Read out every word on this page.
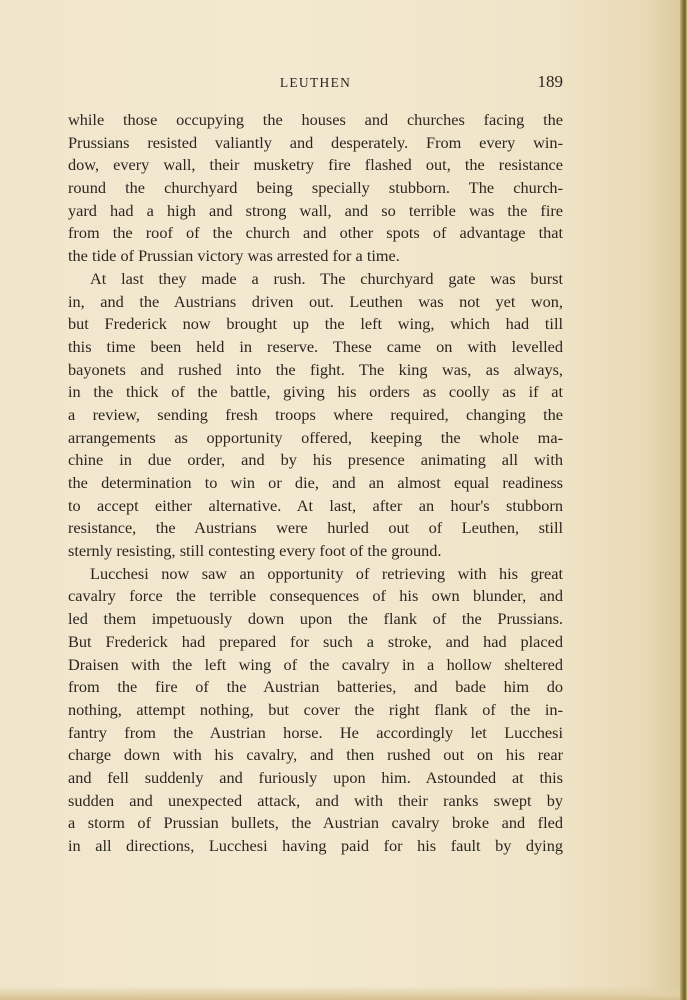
LEUTHEN	189
while those occupying the houses and churches facing the
Prussians resisted valiantly and desperately. From every win-
dow, every wall, their musketry fire flashed out, the resistance
round the churchyard being specially stubborn. The church-
yard had a high and strong wall, and so terrible was the fire
from the roof of the church and other spots of advantage that
the tide of Prussian victory was arrested for a time.
At last they made a rush. The churchyard gate was burst
in, and the Austrians driven out. Leuthen was not yet won,
but Frederick now brought up the left wing, which had till
this time been held in reserve. These came on with levelled
bayonets and rushed into the fight. The king was, as always,
in the thick of the battle, giving his orders as coolly as if at
a review, sending fresh troops where required, changing the
arrangements as opportunity offered, keeping the whole ma-
chine in due order, and by his presence animating all with
the determination to win or die, and an almost equal readiness
to accept either alternative. At last, after an hour's stubborn
resistance, the Austrians were hurled out of Leuthen, still
sternly resisting, still contesting every foot of the ground.
Lucchesi now saw an opportunity of retrieving with his great
cavalry force the terrible consequences of his own blunder, and
led them impetuously down upon the flank of the Prussians.
But Frederick had prepared for such a stroke, and had placed
Draisen with the left wing of the cavalry in a hollow sheltered
from the fire of the Austrian batteries, and bade him do
nothing, attempt nothing, but cover the right flank of the in-
fantry from the Austrian horse. He accordingly let Lucchesi
charge down with his cavalry, and then rushed out on his rear
and fell suddenly and furiously upon him. Astounded at this
sudden and unexpected attack, and with their ranks swept by
a storm of Prussian bullets, the Austrian cavalry broke and fled
in all directions, Lucchesi having paid for his fault by dying
